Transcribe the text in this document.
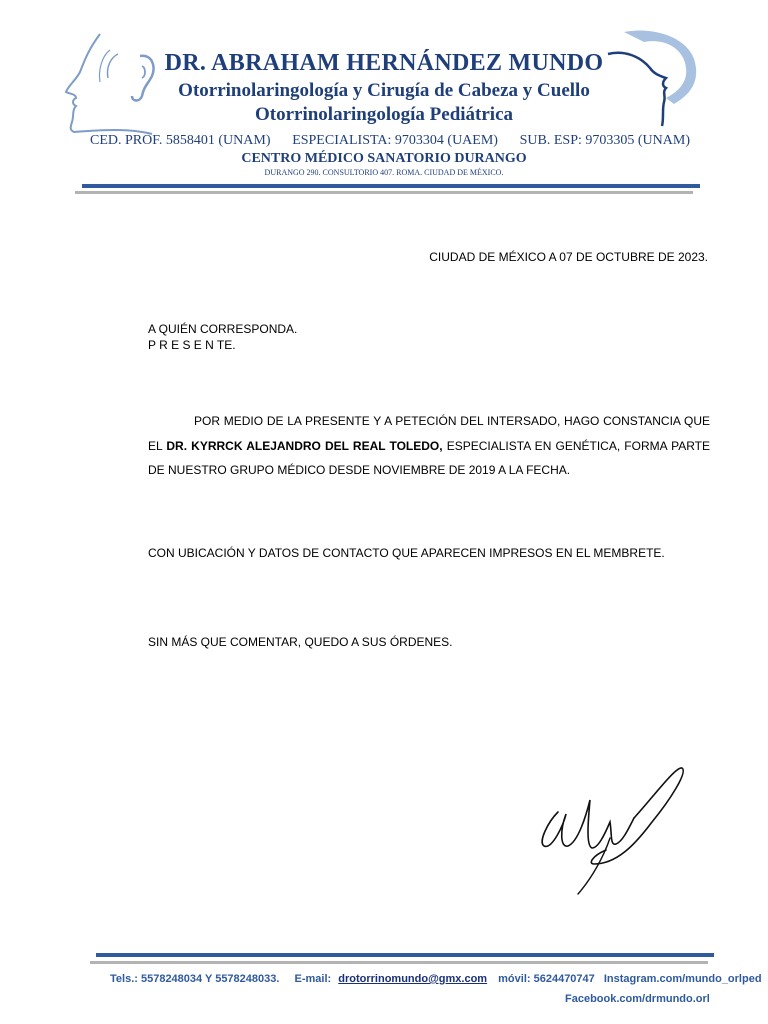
DR. ABRAHAM HERNÁNDEZ MUNDO
Otorrinolaringología y Cirugía de Cabeza y Cuello
Otorrinolaringología Pediátrica
CED. PROF. 5858401 (UNAM) ESPECIALISTA: 9703304 (UAEM) SUB. ESP: 9703305 (UNAM)
CENTRO MÉDICO SANATORIO DURANGO
DURANGO 290. CONSULTORIO 407. ROMA. CIUDAD DE MÉXICO.
CIUDAD DE MÉXICO A 07 DE OCTUBRE DE 2023.
A QUIÉN CORRESPONDA.
P R E S E N TE.
POR MEDIO DE LA PRESENTE Y A PETECIÓN DEL INTERSADO, HAGO CONSTANCIA QUE EL DR. KYRRCK ALEJANDRO DEL REAL TOLEDO, ESPECIALISTA EN GENÉTICA, FORMA PARTE DE NUESTRO GRUPO MÉDICO DESDE NOVIEMBRE DE 2019 A LA FECHA.
CON UBICACIÓN Y DATOS DE CONTACTO QUE APARECEN IMPRESOS EN EL MEMBRETE.
SIN MÁS QUE COMENTAR, QUEDO A SUS ÓRDENES.
Tels.: 5578248034 Y 5578248033. E-mail: drotorrinomundo@gmx.com móvil: 5624470747 Instagram.com/mundo_orlped
Facebook.com/drmundo.orl
